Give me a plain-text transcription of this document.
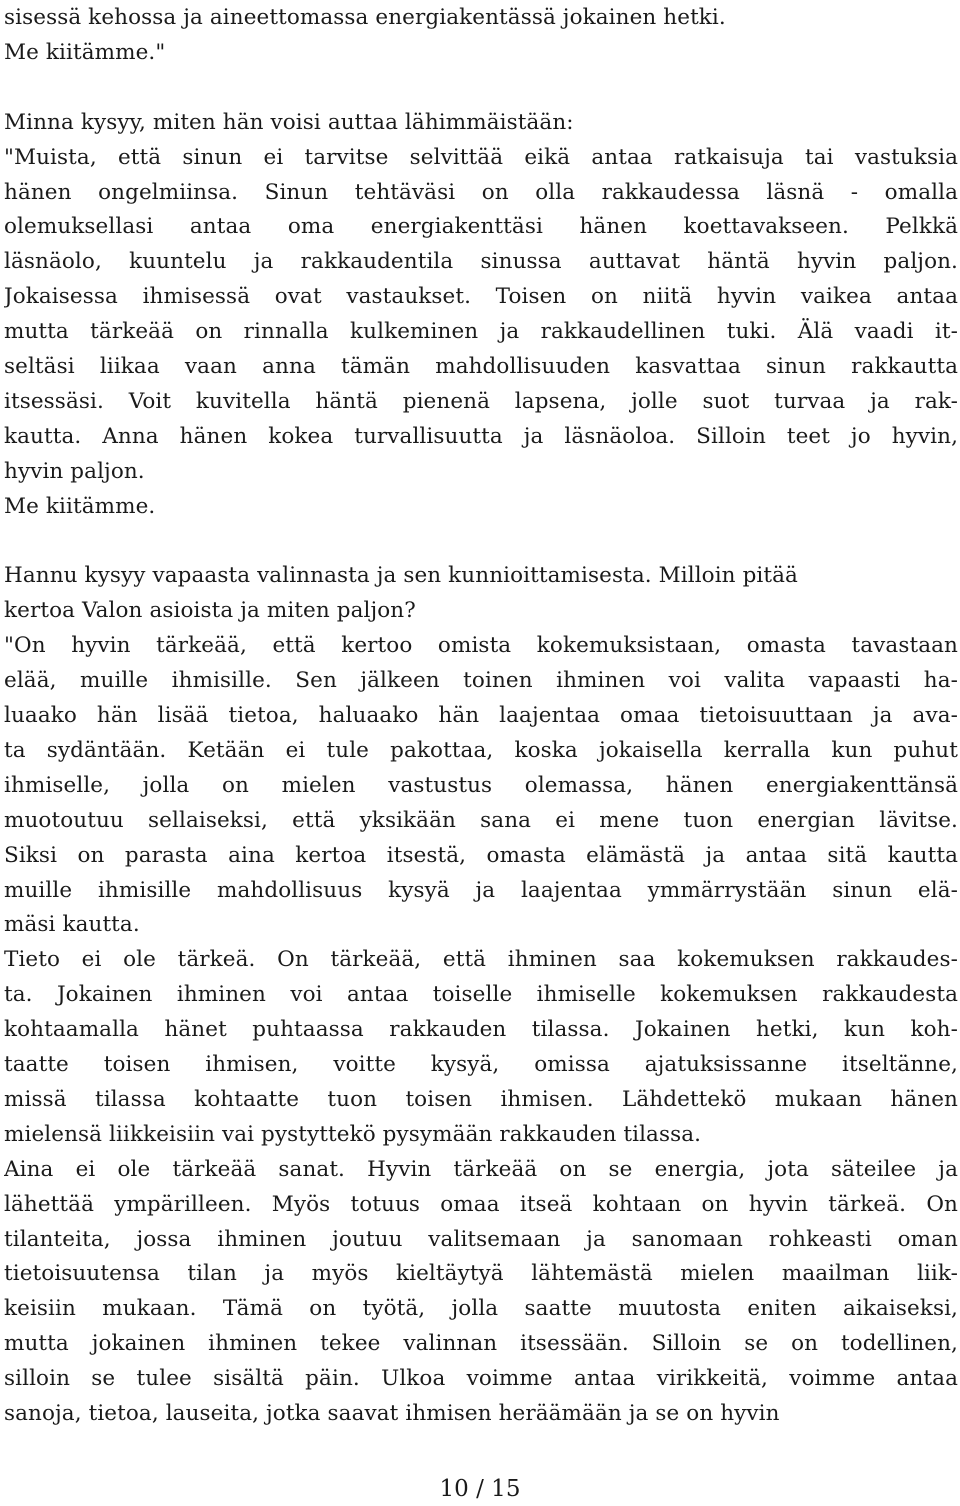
sisessä kehossa ja aineettomassa energiakentässä jokainen hetki.
Me kiitämme."
Minna kysyy, miten hän voisi auttaa lähimmäistään:
"Muista, että sinun ei tarvitse selvittää eikä antaa ratkaisuja tai vastuksia
hänen ongelmiinsa. Sinun tehtäväsi on olla rakkaudessa läsnä - omalla
olemuksellasi antaa oma energiakenttäsi hänen koettavakseen. Pelkkä
läsnäolo, kuuntelu ja rakkaudentila sinussa auttavat häntä hyvin paljon.
Jokaisessa ihmisessä ovat vastaukset. Toisen on niitä hyvin vaikea antaa
mutta tärkeää on rinnalla kulkeminen ja rakkaudellinen tuki. Älä vaadi it-
seltäsi liikaa vaan anna tämän mahdollisuuden kasvattaa sinun rakkautta
itsessäsi. Voit kuvitella häntä pienenä lapsena, jolle suot turvaa ja rak-
kautta. Anna hänen kokea turvallisuutta ja läsnäoloa. Silloin teet jo hyvin,
hyvin paljon.
Me kiitämme.
Hannu kysyy vapaasta valinnasta ja sen kunnioittamisesta. Milloin pitää
kertoa Valon asioista ja miten paljon?
"On hyvin tärkeää, että kertoo omista kokemuksistaan, omasta tavastaan
elää, muille ihmisille. Sen jälkeen toinen ihminen voi valita vapaasti ha-
luaako hän lisää tietoa, haluaako hän laajentaa omaa tietoisuuttaan ja ava-
ta sydäntään. Ketään ei tule pakottaa, koska jokaisella kerralla kun puhut
ihmiselle, jolla on mielen vastustus olemassa, hänen energiakenttänsä
muotoutuu sellaiseksi, että yksikään sana ei mene tuon energian lävitse.
Siksi on parasta aina kertoa itsestä, omasta elämästä ja antaa sitä kautta
muille ihmisille mahdollisuus kysyä ja laajentaa ymmärrystään sinun elä-
mäsi kautta.
Tieto ei ole tärkeä. On tärkeää, että ihminen saa kokemuksen rakkaudes-
ta. Jokainen ihminen voi antaa toiselle ihmiselle kokemuksen rakkaudesta
kohtaamalla hänet puhtaassa rakkauden tilassa. Jokainen hetki, kun koh-
taatte toisen ihmisen, voitte kysyä, omissa ajatuksissanne itseltänne,
missä tilassa kohtaatte tuon toisen ihmisen. Lähdettekö mukaan hänen
mielensä liikkeisiin vai pystyttekö pysymään rakkauden tilassa.
Aina ei ole tärkeää sanat. Hyvin tärkeää on se energia, jota säteilee ja
lähettää ympärilleen. Myös totuus omaa itseä kohtaan on hyvin tärkeä. On
tilanteita, jossa ihminen joutuu valitsemaan ja sanomaan rohkeasti oman
tietoisuutensa tilan ja myös kieltäytyä lähtemästä mielen maailman liik-
keisiin mukaan. Tämä on työtä, jolla saatte muutosta eniten aikaiseksi,
mutta jokainen ihminen tekee valinnan itsessään. Silloin se on todellinen,
silloin se tulee sisältä päin. Ulkoa voimme antaa virikkeitä, voimme antaa
sanoja, tietoa, lauseita, jotka saavat ihmisen heräämään ja se on hyvin
10 / 15
